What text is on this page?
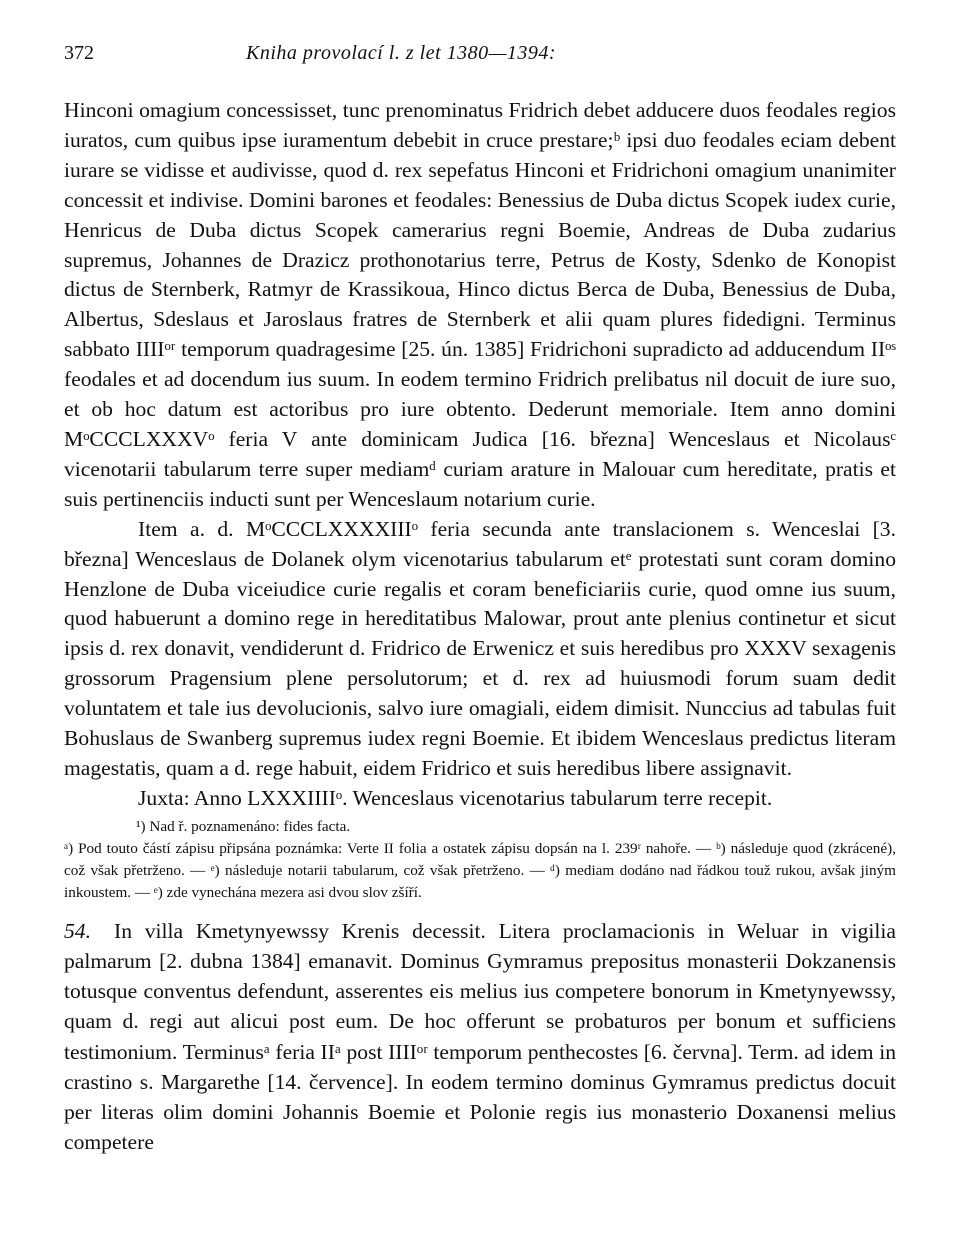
372	Kniha provolací l. z let 1380—1394:

Hinconi omagium concessisset, tunc prenominatus Fridrich debet adducere duos feodales regios iuratos, cum quibus ipse iuramentum debebit in cruce prestare;ᵇ ipsi duo feodales eciam debent iurare se vidisse et audivisse, quod d. rex sepefatus Hinconi et Fridrichoni omagium unanimiter concessit et indivise. Domini barones et feodales: Benessius de Duba dictus Scopek iudex curie, Henricus de Duba dictus Scopek camerarius regni Boemie, Andreas de Duba zudarius supremus, Johannes de Drazicz prothonotarius terre, Petrus de Kosty, Sdenko de Konopist dictus de Sternberk, Ratmyr de Krassikoua, Hinco dictus Berca de Duba, Benessius de Duba, Albertus, Sdeslaus et Jaroslaus fratres de Sternberk et alii quam plures fidedigni. Terminus sabbato IIIIᵒʳ temporum quadragesime [25. ún. 1385] Fridrichoni supradicto ad adducendum IIᵒˢ feodales et ad docendum ius suum. In eodem termino Fridrich prelibatus nil docuit de iure suo, et ob hoc datum est actoribus pro iure obtento. Dederunt memoriale. Item anno domini MᵒCCCLXXXVᵒ feria V ante dominicam Judica [16. března] Wenceslaus et Nicolausᶜ vicenotarii tabularum terre super mediamᵈ curiam arature in Malouar cum hereditate, pratis et suis pertinenciis inducti sunt per Wenceslaum notarium curie.

Item a. d. MᵒCCCLXXXXIIIᵒ feria secunda ante translacionem s. Wenceslai [3. března] Wenceslaus de Dolanek olym vicenotarius tabularum etᵉ protestati sunt coram domino Henzlone de Duba viceiudice curie regalis et coram beneficiariis curie, quod omne ius suum, quod habuerunt a domino rege in hereditatibus Malowar, prout ante plenius continetur et sicut ipsis d. rex donavit, vendiderunt d. Fridrico de Erwenicz et suis heredibus pro XXXV sexagenis grossorum Pragensium plene persolutorum; et d. rex ad huiusmodi forum suam dedit voluntatem et tale ius devolucionis, salvo iure omagiali, eidem dimisit. Nunccius ad tabulas fuit Bohuslaus de Swanberg supremus iudex regni Boemie. Et ibidem Wenceslaus predictus literam magestatis, quam a d. rege habuit, eidem Fridrico et suis heredibus libere assignavit.

Juxta: Anno LXXXIIIIᵒ. Wenceslaus vicenotarius tabularum terre recepit.

¹) Nad ř. poznamenáno: fides facta.

ᵃ) Pod touto částí zápisu připsána poznámka: Verte II folia a ostatek zápisu dopsán na l. 239ʳ nahoře. — ᵇ) následuje quod (zkrácené), což však přetrženo. — ᵉ) následuje notarii tabularum, což však přetrženo. — ᵈ) mediam dodáno nad řádkou touž rukou, avšak jiným inkoustem. — ᵉ) zde vynechána mezera asi dvou slov zšíří.

54. In villa Kmetynyewssy Krenis decessit. Litera proclamacionis in Weluar in vigilia palmarum [2. dubna 1384] emanavit. Dominus Gymramus prepositus monasterii Dokzanensis totusque conventus defendunt, asserentes eis melius ius competere bonorum in Kmetynyewssy, quam d. regi aut alicui post eum. De hoc offerunt se probaturos per bonum et sufficiens testimonium. Terminusᵃ feria IIᵃ post IIIIᵒʳ temporum penthecostes [6. června]. Term. ad idem in crastino s. Margarethe [14. července]. In eodem termino dominus Gymramus predictus docuit per literas olim domini Johannis Boemie et Polonie regis ius monasterio Doxanensi melius competere
